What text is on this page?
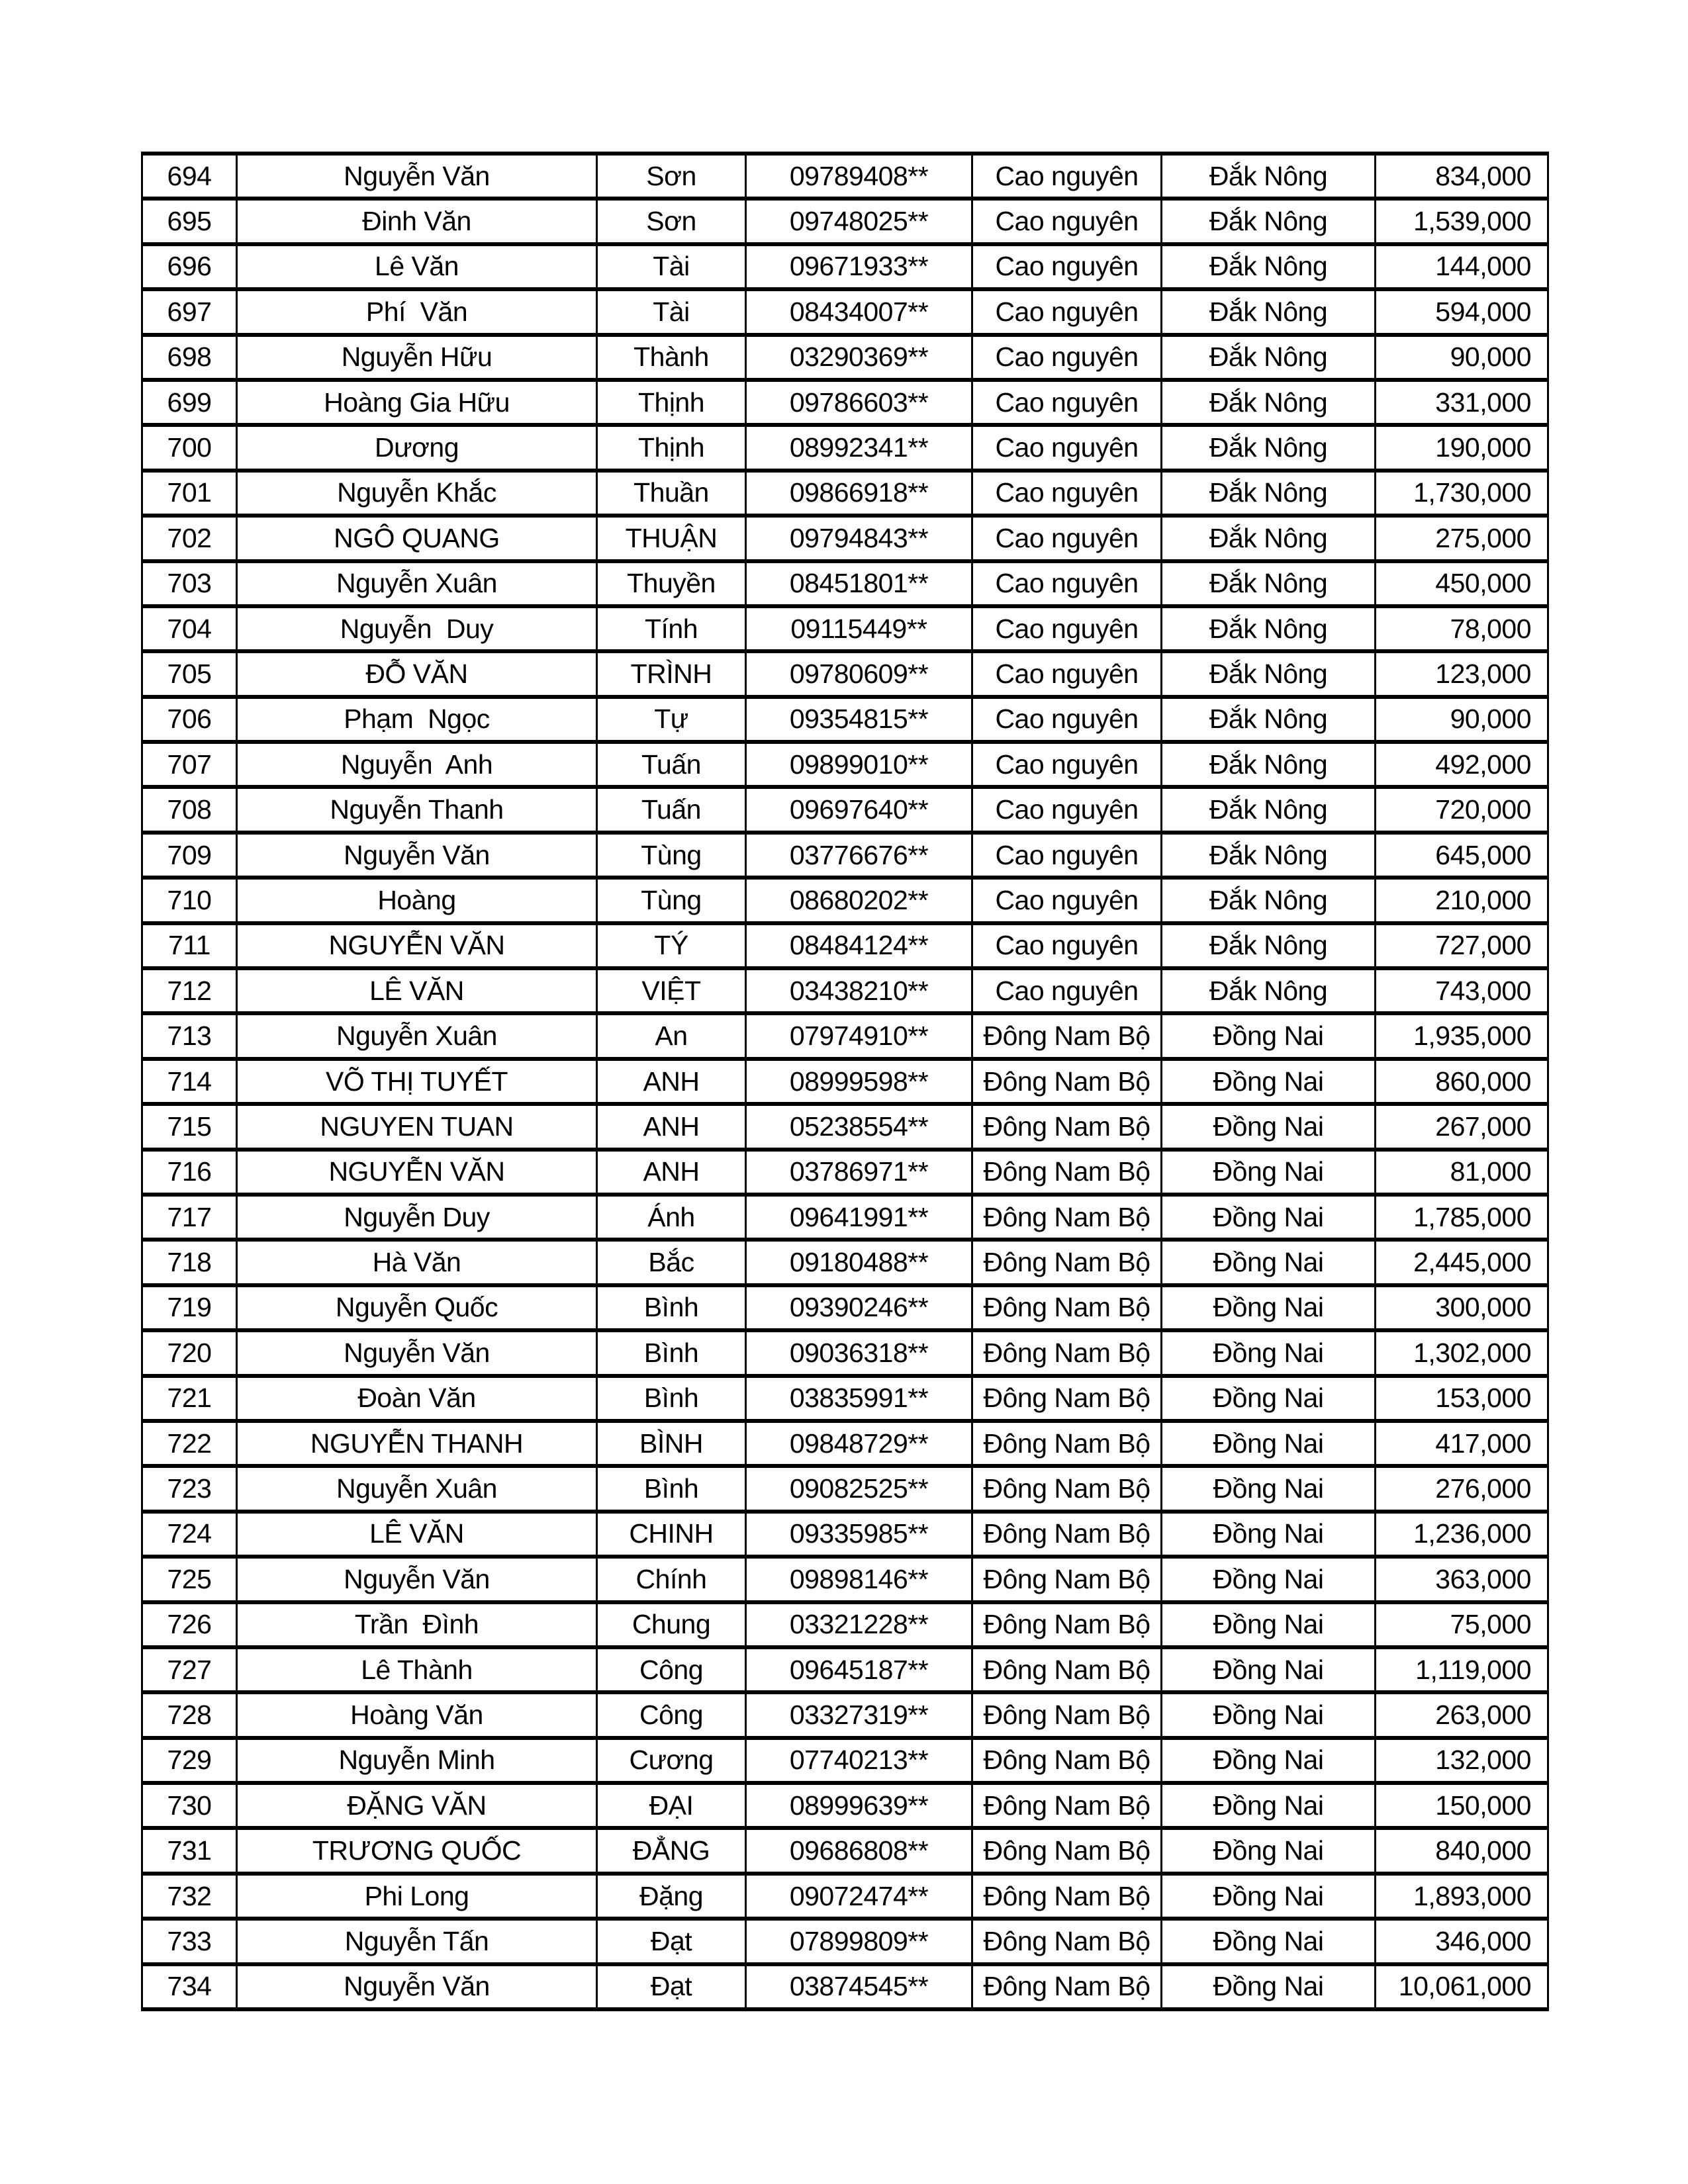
694	Nguyễn Văn	Sơn	09789408**	Cao nguyên	Đắk Nông	834,000
695	Đinh Văn	Sơn	09748025**	Cao nguyên	Đắk Nông	1,539,000
696	Lê Văn	Tài	09671933**	Cao nguyên	Đắk Nông	144,000
697	Phí  Văn	Tài	08434007**	Cao nguyên	Đắk Nông	594,000
698	Nguyễn Hữu	Thành	03290369**	Cao nguyên	Đắk Nông	90,000
699	Hoàng Gia Hữu	Thịnh	09786603**	Cao nguyên	Đắk Nông	331,000
700	Dương	Thịnh	08992341**	Cao nguyên	Đắk Nông	190,000
701	Nguyễn Khắc	Thuần	09866918**	Cao nguyên	Đắk Nông	1,730,000
702	NGÔ QUANG	THUẬN	09794843**	Cao nguyên	Đắk Nông	275,000
703	Nguyễn Xuân	Thuyền	08451801**	Cao nguyên	Đắk Nông	450,000
704	Nguyễn  Duy	Tính	09115449**	Cao nguyên	Đắk Nông	78,000
705	ĐỖ VĂN	TRÌNH	09780609**	Cao nguyên	Đắk Nông	123,000
706	Phạm  Ngọc	Tự	09354815**	Cao nguyên	Đắk Nông	90,000
707	Nguyễn  Anh	Tuấn	09899010**	Cao nguyên	Đắk Nông	492,000
708	Nguyễn Thanh	Tuấn	09697640**	Cao nguyên	Đắk Nông	720,000
709	Nguyễn Văn	Tùng	03776676**	Cao nguyên	Đắk Nông	645,000
710	Hoàng	Tùng	08680202**	Cao nguyên	Đắk Nông	210,000
711	NGUYỄN VĂN	TÝ	08484124**	Cao nguyên	Đắk Nông	727,000
712	LÊ VĂN	VIỆT	03438210**	Cao nguyên	Đắk Nông	743,000
713	Nguyễn Xuân	An	07974910**	Đông Nam Bộ	Đồng Nai	1,935,000
714	VÕ THỊ TUYẾT	ANH	08999598**	Đông Nam Bộ	Đồng Nai	860,000
715	NGUYEN TUAN	ANH	05238554**	Đông Nam Bộ	Đồng Nai	267,000
716	NGUYỄN VĂN	ANH	03786971**	Đông Nam Bộ	Đồng Nai	81,000
717	Nguyễn Duy	Ánh	09641991**	Đông Nam Bộ	Đồng Nai	1,785,000
718	Hà Văn	Bắc	09180488**	Đông Nam Bộ	Đồng Nai	2,445,000
719	Nguyễn Quốc	Bình	09390246**	Đông Nam Bộ	Đồng Nai	300,000
720	Nguyễn Văn	Bình	09036318**	Đông Nam Bộ	Đồng Nai	1,302,000
721	Đoàn Văn	Bình	03835991**	Đông Nam Bộ	Đồng Nai	153,000
722	NGUYỄN THANH	BÌNH	09848729**	Đông Nam Bộ	Đồng Nai	417,000
723	Nguyễn Xuân	Bình	09082525**	Đông Nam Bộ	Đồng Nai	276,000
724	LÊ VĂN	CHINH	09335985**	Đông Nam Bộ	Đồng Nai	1,236,000
725	Nguyễn Văn	Chính	09898146**	Đông Nam Bộ	Đồng Nai	363,000
726	Trần  Đình	Chung	03321228**	Đông Nam Bộ	Đồng Nai	75,000
727	Lê Thành	Công	09645187**	Đông Nam Bộ	Đồng Nai	1,119,000
728	Hoàng Văn	Công	03327319**	Đông Nam Bộ	Đồng Nai	263,000
729	Nguyễn Minh	Cương	07740213**	Đông Nam Bộ	Đồng Nai	132,000
730	ĐẶNG VĂN	ĐẠI	08999639**	Đông Nam Bộ	Đồng Nai	150,000
731	TRƯƠNG QUỐC	ĐẲNG	09686808**	Đông Nam Bộ	Đồng Nai	840,000
732	Phi Long	Đặng	09072474**	Đông Nam Bộ	Đồng Nai	1,893,000
733	Nguyễn Tấn	Đạt	07899809**	Đông Nam Bộ	Đồng Nai	346,000
734	Nguyễn Văn	Đạt	03874545**	Đông Nam Bộ	Đồng Nai	10,061,000
